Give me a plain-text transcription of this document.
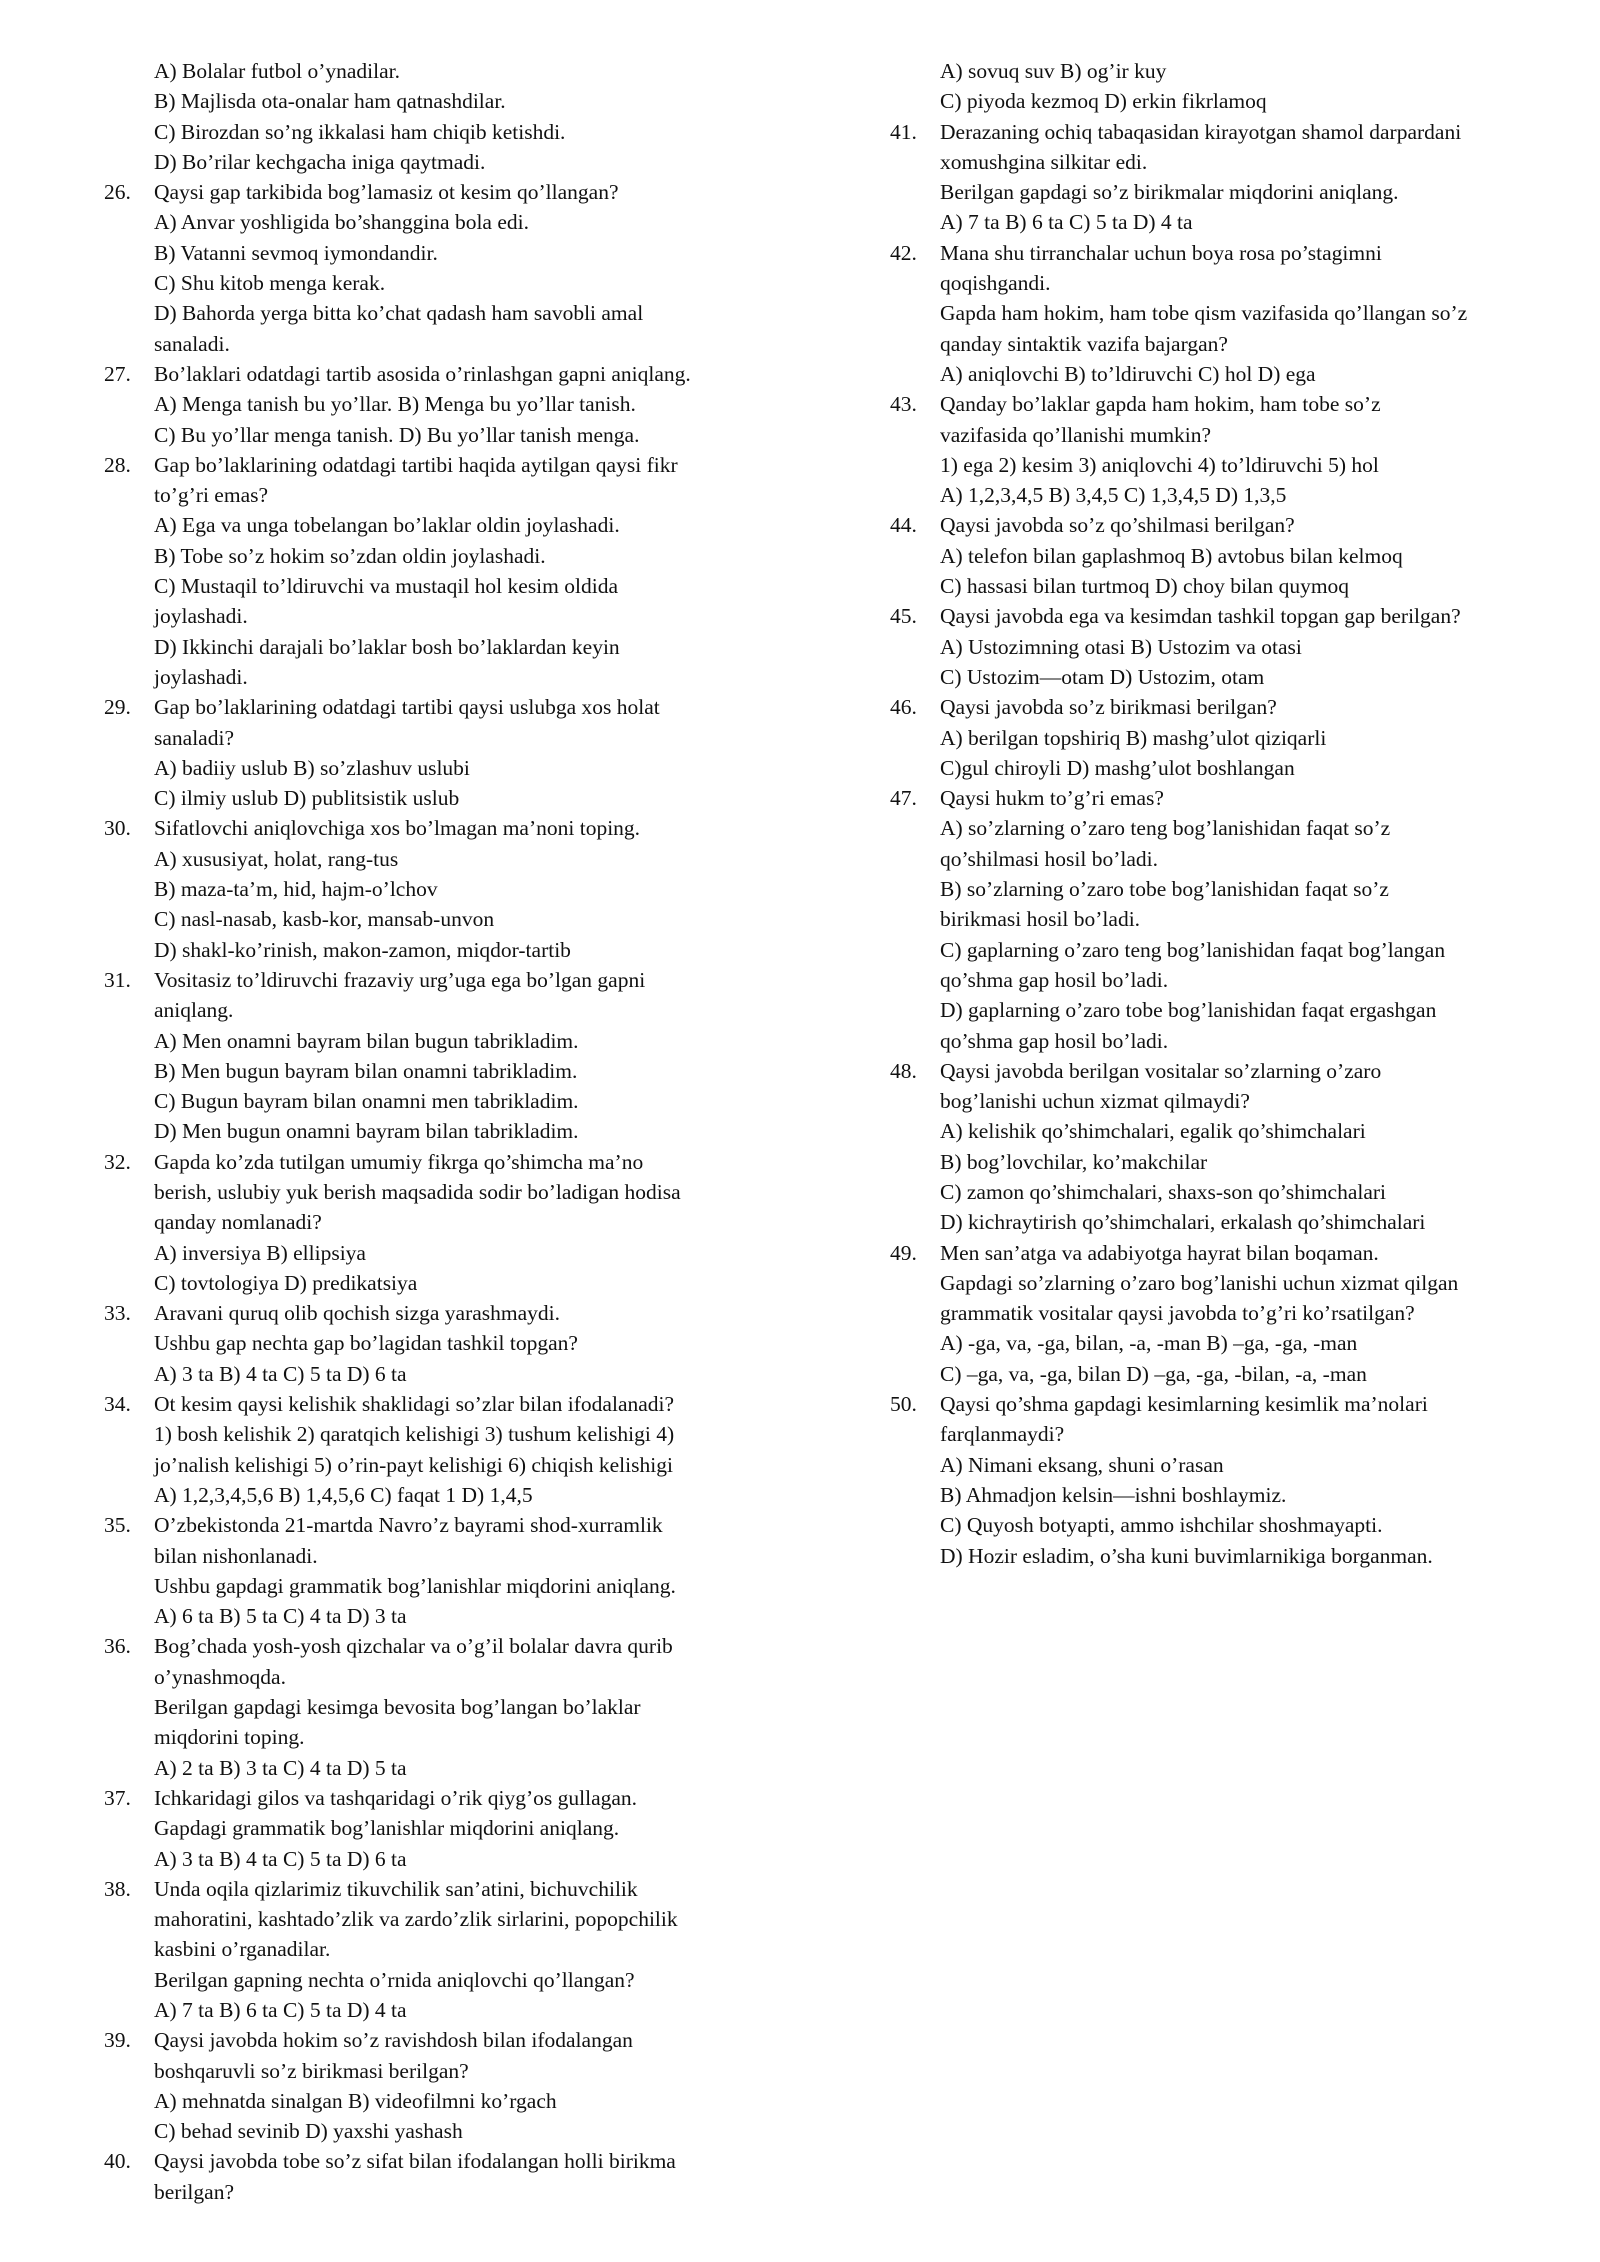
A) Bolalar futbol o’ynadilar.
B) Majlisda ota-onalar ham qatnashdilar.
C) Birozdan so’ng ikkalasi ham chiqib ketishdi.
D) Bo’rilar kechgacha iniga qaytmadi.
26.	Qaysi gap tarkibida bog’lamasiz ot kesim qo’llangan?
A) Anvar yoshligida bo’shanggina bola edi.
B) Vatanni sevmoq iymondandir.
C) Shu kitob menga kerak.
D) Bahorda yerga bitta ko’chat qadash ham savobli amal
sanaladi.
27.	Bo’laklari odatdagi tartib asosida o’rinlashgan gapni aniqlang.
A) Menga tanish bu yo’llar. B) Menga bu yo’llar tanish.
C) Bu yo’llar menga tanish. D) Bu yo’llar tanish menga.
28.	Gap bo’laklarining odatdagi tartibi haqida aytilgan qaysi fikr
to’g’ri emas?
A) Ega va unga tobelangan bo’laklar oldin joylashadi.
B) Tobe so’z hokim so’zdan oldin joylashadi.
C) Mustaqil to’ldiruvchi va mustaqil hol kesim oldida
joylashadi.
D) Ikkinchi darajali bo’laklar bosh bo’laklardan keyin
joylashadi.
29.	Gap bo’laklarining odatdagi tartibi qaysi uslubga xos holat
sanaladi?
A) badiiy uslub B) so’zlashuv uslubi
C) ilmiy uslub D) publitsistik uslub
30.	Sifatlovchi aniqlovchiga xos bo’lmagan ma’noni toping.
A) xususiyat, holat, rang-tus
B) maza-ta’m, hid, hajm-o’lchov
C) nasl-nasab, kasb-kor, mansab-unvon
D) shakl-ko’rinish, makon-zamon, miqdor-tartib
31.	Vositasiz to’ldiruvchi frazaviy urg’uga ega bo’lgan gapni
aniqlang.
A) Men onamni bayram bilan bugun tabrikladim.
B) Men bugun bayram bilan onamni tabrikladim.
C) Bugun bayram bilan onamni men tabrikladim.
D) Men bugun onamni bayram bilan tabrikladim.
32.	Gapda ko’zda tutilgan umumiy fikrga qo’shimcha ma’no
berish, uslubiy yuk berish maqsadida sodir bo’ladigan hodisa
qanday nomlanadi?
A) inversiya B) ellipsiya
C) tovtologiya D) predikatsiya
33.	Aravani quruq olib qochish sizga yarashmaydi.
Ushbu gap nechta gap bo’lagidan tashkil topgan?
A) 3 ta B) 4 ta C) 5 ta D) 6 ta
34.	Ot kesim qaysi kelishik shaklidagi so’zlar bilan ifodalanadi?
1) bosh kelishik 2) qaratqich kelishigi 3) tushum kelishigi 4)
jo’nalish kelishigi 5) o’rin-payt kelishigi 6) chiqish kelishigi
A) 1,2,3,4,5,6 B) 1,4,5,6 C) faqat 1 D) 1,4,5
35.	O’zbekistonda 21-martda Navro’z bayrami shod-xurramlik
bilan nishonlanadi.
Ushbu gapdagi grammatik bog’lanishlar miqdorini aniqlang.
A) 6 ta B) 5 ta C) 4 ta D) 3 ta
36.	Bog’chada yosh-yosh qizchalar va o’g’il bolalar davra qurib
o’ynashmoqda.
Berilgan gapdagi kesimga bevosita bog’langan bo’laklar
miqdorini toping.
A) 2 ta B) 3 ta C) 4 ta D) 5 ta
37.	Ichkaridagi gilos va tashqaridagi o’rik qiyg’os gullagan.
Gapdagi grammatik bog’lanishlar miqdorini aniqlang.
A) 3 ta B) 4 ta C) 5 ta D) 6 ta
38.	Unda oqila qizlarimiz tikuvchilik san’atini, bichuvchilik
mahoratini, kashtado’zlik va zardo’zlik sirlarini, popopchilik
kasbini o’rganadilar.
Berilgan gapning nechta o’rnida aniqlovchi qo’llangan?
A) 7 ta B) 6 ta C) 5 ta D) 4 ta
39.	Qaysi javobda hokim so’z ravishdosh bilan ifodalangan
boshqaruvli so’z birikmasi berilgan?
A) mehnatda sinalgan B) videofilmni ko’rgach
C) behad sevinib D) yaxshi yashash
40.	Qaysi javobda tobe so’z sifat bilan ifodalangan holli birikma
berilgan?
A) sovuq suv B) og’ir kuy
C) piyoda kezmoq D) erkin fikrlamoq
41.	Derazaning ochiq tabaqasidan kirayotgan shamol darpardani
xomushgina silkitar edi.
Berilgan gapdagi so’z birikmalar miqdorini aniqlang.
A) 7 ta B) 6 ta C) 5 ta D) 4 ta
42.	Mana shu tirranchalar uchun boya rosa po’stagimni
qoqishgandi.
Gapda ham hokim, ham tobe qism vazifasida qo’llangan so’z
qanday sintaktik vazifa bajargan?
A) aniqlovchi B) to’ldiruvchi C) hol D) ega
43.	Qanday bo’laklar gapda ham hokim, ham tobe so’z
vazifasida qo’llanishi mumkin?
1) ega 2) kesim 3) aniqlovchi 4) to’ldiruvchi 5) hol
A) 1,2,3,4,5 B) 3,4,5 C) 1,3,4,5 D) 1,3,5
44.	Qaysi javobda so’z qo’shilmasi berilgan?
A) telefon bilan gaplashmoq B) avtobus bilan kelmoq
C) hassasi bilan turtmoq D) choy bilan quymoq
45.	Qaysi javobda ega va kesimdan tashkil topgan gap berilgan?
A) Ustozimning otasi B) Ustozim va otasi
C) Ustozim—otam D) Ustozim, otam
46.	Qaysi javobda so’z birikmasi berilgan?
A) berilgan topshiriq B) mashg’ulot qiziqarli
C)gul chiroyli D) mashg’ulot boshlangan
47.	Qaysi hukm to’g’ri emas?
A) so’zlarning o’zaro teng bog’lanishidan faqat so’z
qo’shilmasi hosil bo’ladi.
B) so’zlarning o’zaro tobe bog’lanishidan faqat so’z
birikmasi hosil bo’ladi.
C) gaplarning o’zaro teng bog’lanishidan faqat bog’langan
qo’shma gap hosil bo’ladi.
D) gaplarning o’zaro tobe bog’lanishidan faqat ergashgan
qo’shma gap hosil bo’ladi.
48.	Qaysi javobda berilgan vositalar so’zlarning o’zaro
bog’lanishi uchun xizmat qilmaydi?
A) kelishik qo’shimchalari, egalik qo’shimchalari
B) bog’lovchilar, ko’makchilar
C) zamon qo’shimchalari, shaxs-son qo’shimchalari
D) kichraytirish qo’shimchalari, erkalash qo’shimchalari
49.	Men san’atga va adabiyotga hayrat bilan boqaman.
Gapdagi so’zlarning o’zaro bog’lanishi uchun xizmat qilgan
grammatik vositalar qaysi javobda to’g’ri ko’rsatilgan?
A) -ga, va, -ga, bilan, -a, -man B) –ga, -ga, -man
C) –ga, va, -ga, bilan D) –ga, -ga, -bilan, -a, -man
50.	Qaysi qo’shma gapdagi kesimlarning kesimlik ma’nolari
farqlanmaydi?
A) Nimani eksang, shuni o’rasan
B) Ahmadjon kelsin—ishni boshlaymiz.
C) Quyosh botyapti, ammo ishchilar shoshmayapti.
D) Hozir esladim, o’sha kuni buvimlarnikiga borganman.
